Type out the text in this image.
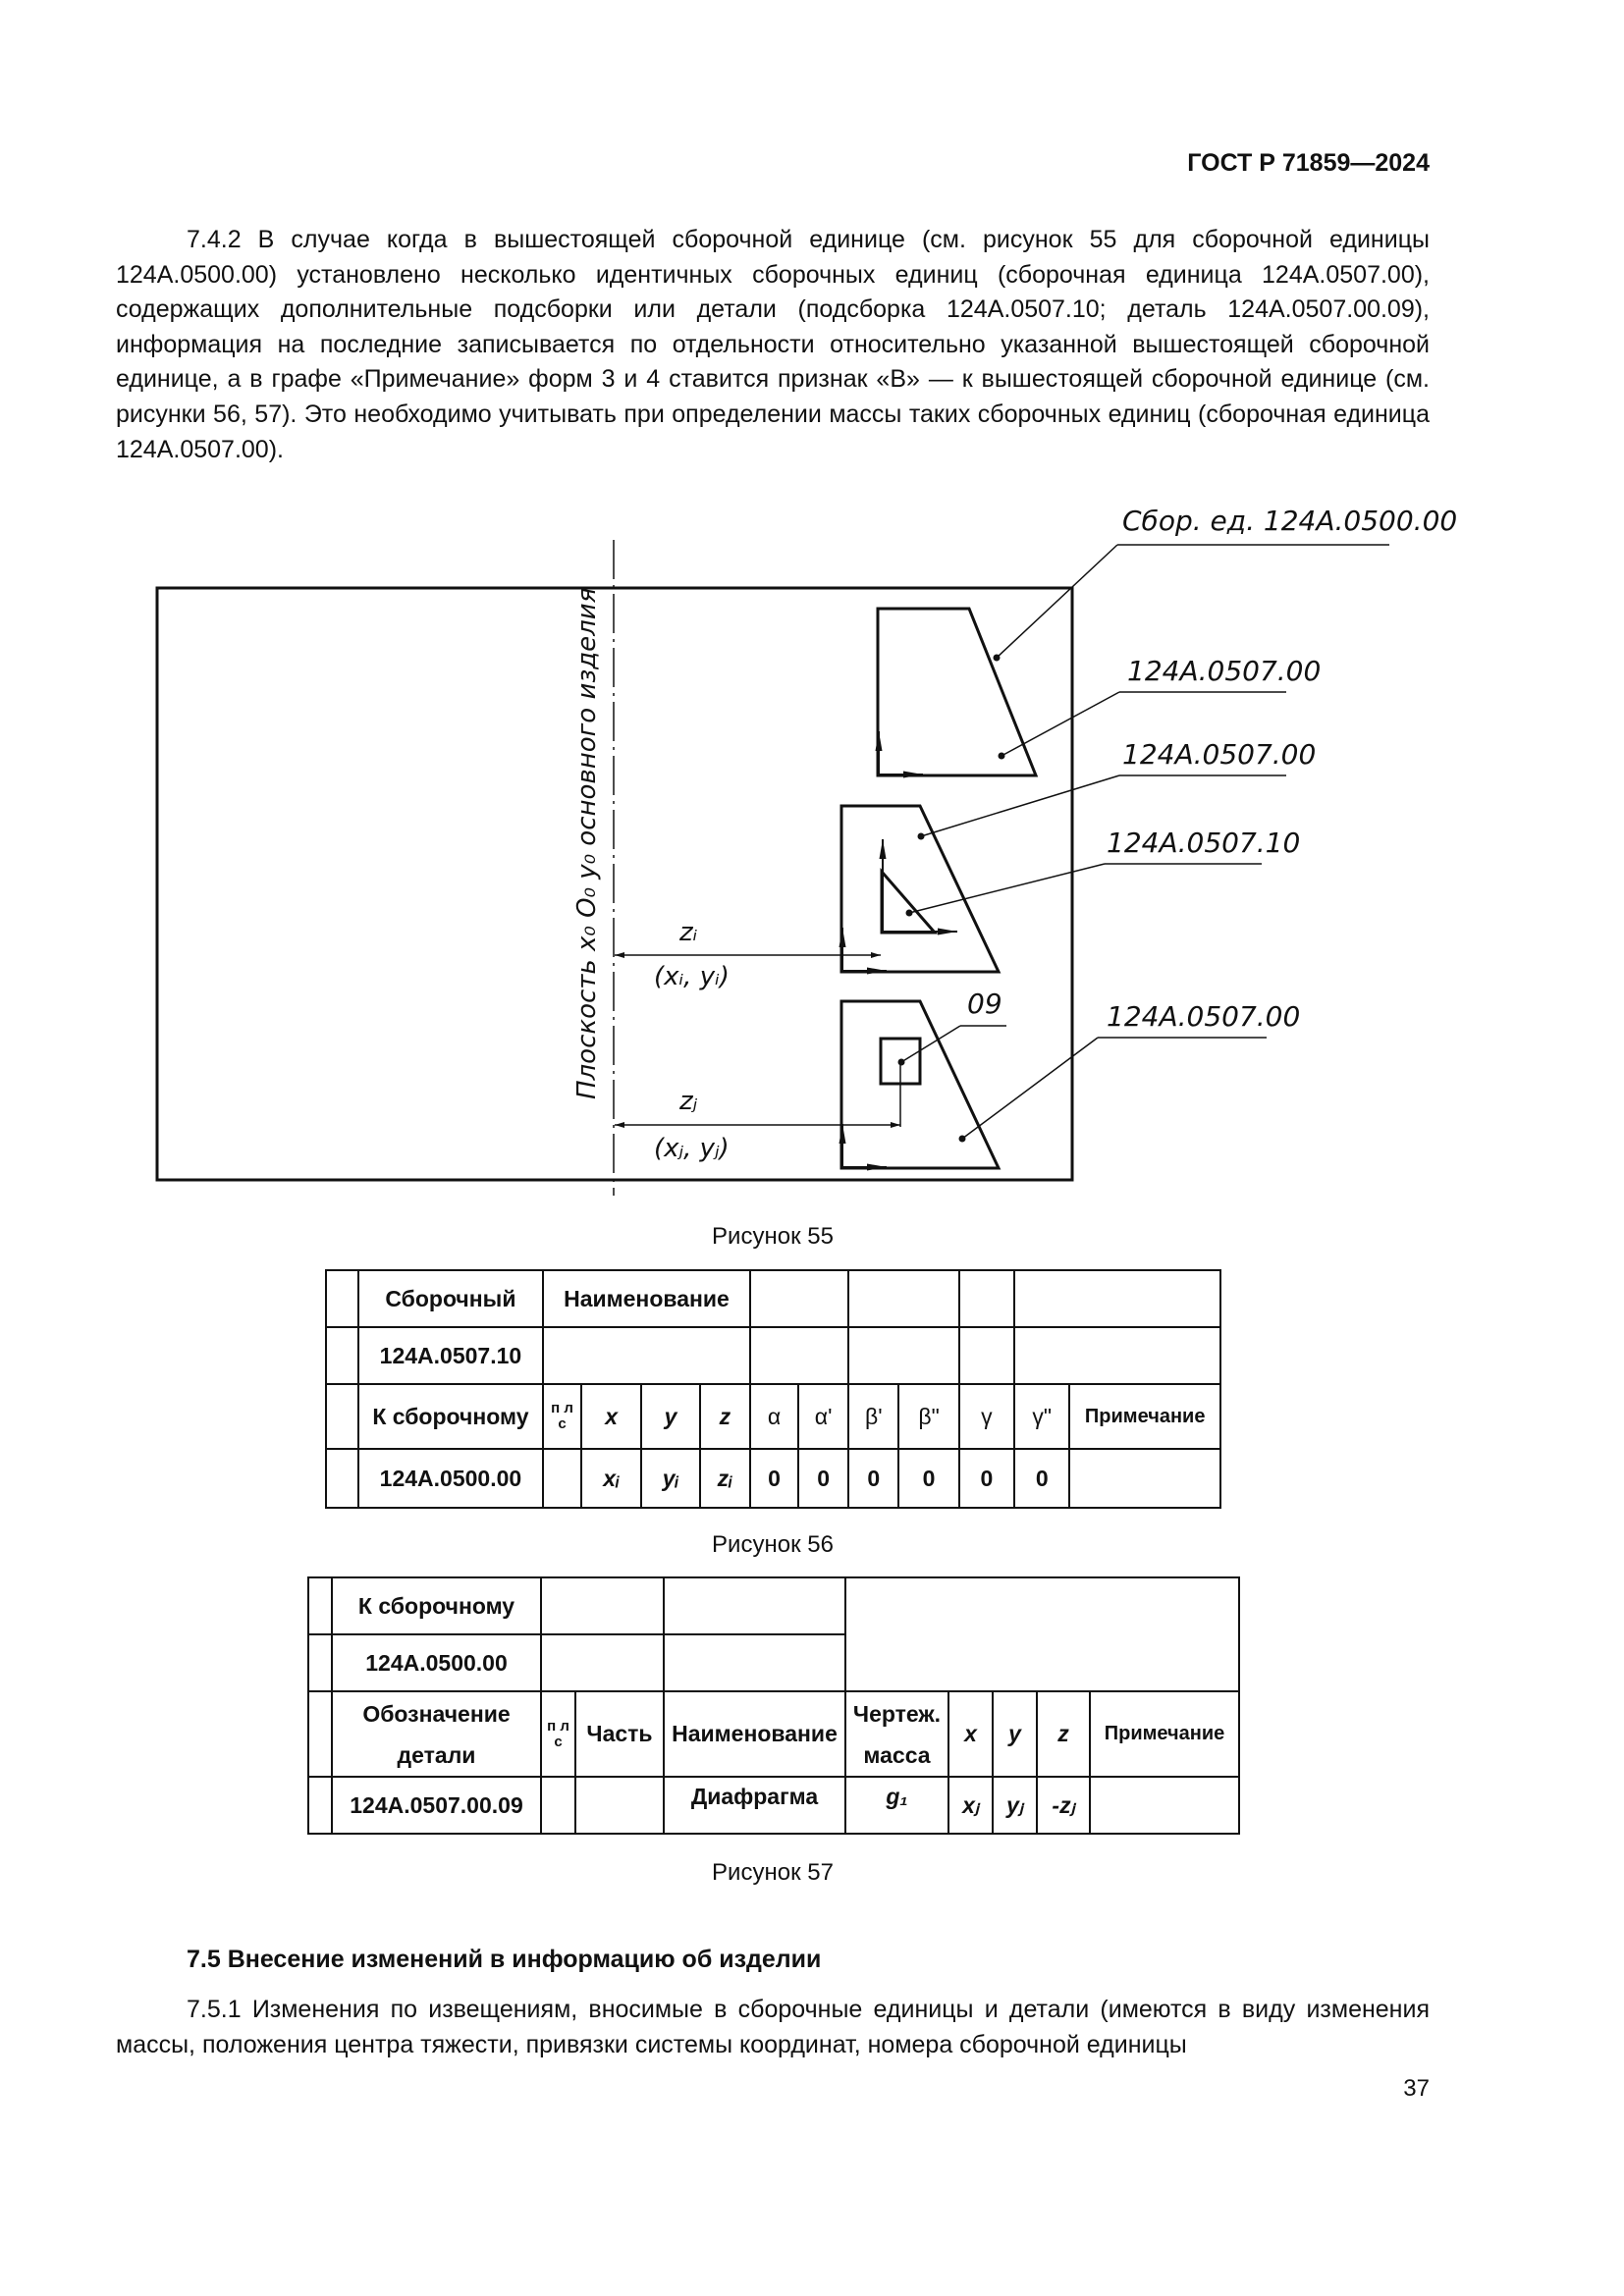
ГОСТ Р 71859—2024

7.4.2 В случае когда в вышестоящей сборочной единице (см. рисунок 55 для сборочной единицы 124А.0500.00) установлено несколько идентичных сборочных единиц (сборочная единица 124А.0507.00), содержащих дополнительные подсборки или детали (подсборка 124А.0507.10; деталь 124А.0507.00.09), информация на последние записывается по отдельности относительно указанной вышестоящей сборочной единице, а в графе «Примечание» форм 3 и 4 ставится признак «В» — к вышестоящей сборочной единице (см. рисунки 56, 57). Это необходимо учитывать при определении массы таких сборочных единиц (сборочная единица 124А.0507.00).

Плоскость x₀ O₀ y₀ основного изделия	zᵢ
(xᵢ, yᵢ)
zⱼ
(xⱼ, yⱼ)
Сбор. ед. 124А.0500.00
124А.0507.00
124А.0507.00
124А.0507.10
09	124А.0507.00
Рисунок 55
	Сборочный	Наименование										
	124А.0507.10											
	К сборочному	п л с	x	y	z	α	α'	β'	β"	γ	γ"	Примечание
	124А.0500.00		xᵢ	yᵢ	zᵢ	0	0	0	0	0	0	
Рисунок 56
	К сборочному								
	124А.0500.00								
	Обозначение детали	п л с	Часть	Наименование	Чертеж. масса	x	y	z	Примечание
	124А.0507.00.09			Диафрагма	g₁	xⱼ	yⱼ	-zⱼ	
Рисунок 57
7.5 Внесение изменений в информацию об изделии

7.5.1 Изменения по извещениям, вносимые в сборочные единицы и детали (имеются в виду изменения массы, положения центра тяжести, привязки системы координат, номера сборочной единицы

37
